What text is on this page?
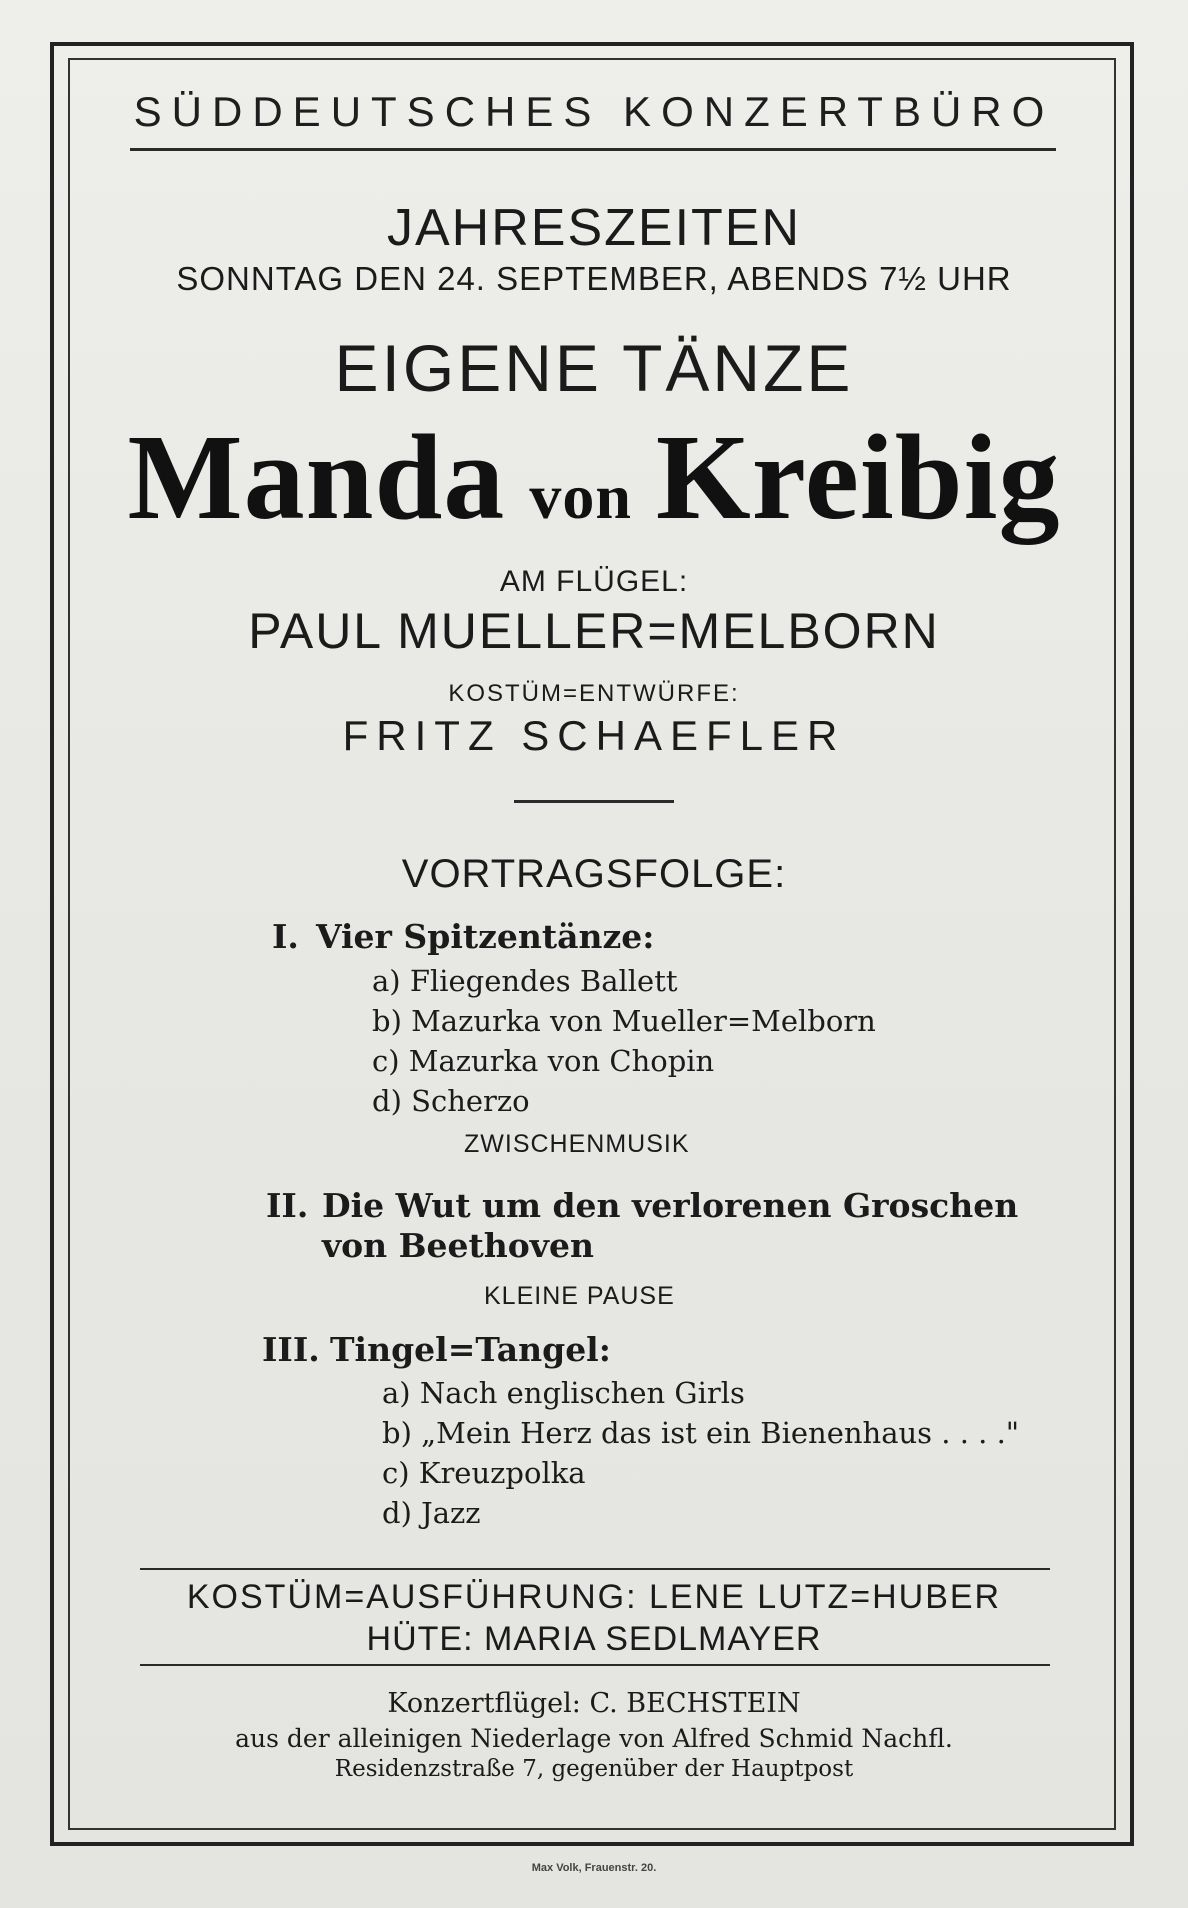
SÜDDEUTSCHES KONZERTBÜRO
JAHRESZEITEN
SONNTAG DEN 24. SEPTEMBER, ABENDS 7½ UHR
EIGENE TÄNZE
Manda von Kreibig
AM FLÜGEL:
PAUL MUELLER=MELBORN
KOSTÜM=ENTWÜRFE:
FRITZ SCHAEFLER
VORTRAGSFOLGE:
I. Vier Spitzentänze:
a) Fliegendes Ballett
b) Mazurka von Mueller=Melborn
c) Mazurka von Chopin
d) Scherzo
ZWISCHENMUSIK
II. Die Wut um den verlorenen Groschen
von Beethoven
KLEINE PAUSE
III. Tingel=Tangel:
a) Nach englischen Girls
b) „Mein Herz das ist ein Bienenhaus . . . ."
c) Kreuzpolka
d) Jazz
KOSTÜM=AUSFÜHRUNG: LENE LUTZ=HUBER
HÜTE: MARIA SEDLMAYER
Konzertflügel: C. BECHSTEIN
aus der alleinigen Niederlage von Alfred Schmid Nachfl.
Residenzstraße 7, gegenüber der Hauptpost
Max Volk, Frauenstr. 20.
